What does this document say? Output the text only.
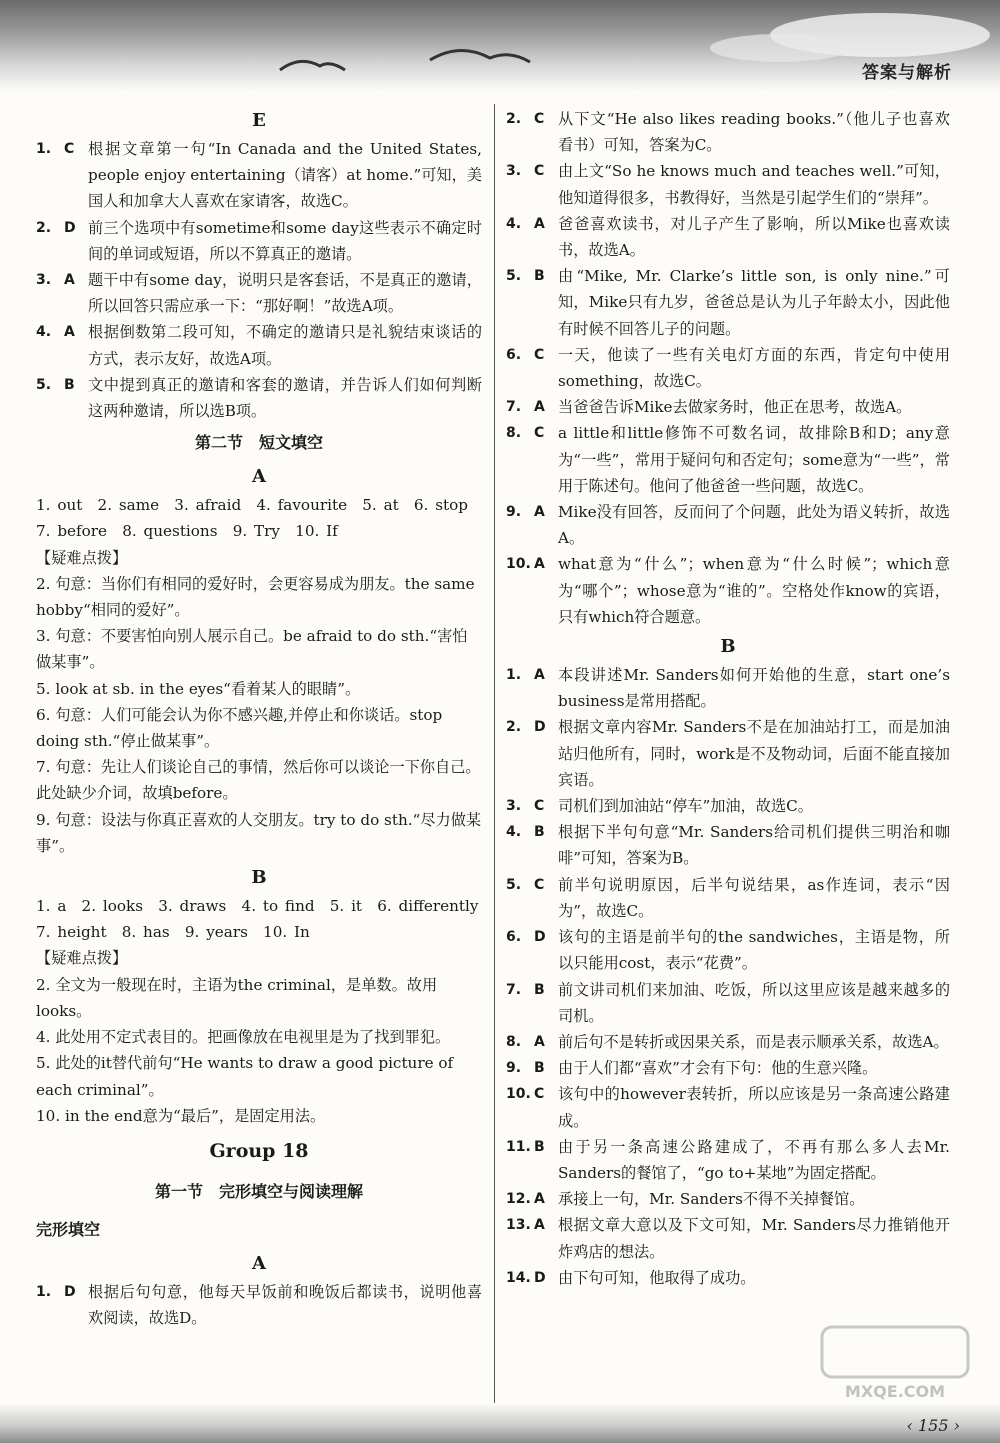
答案与解析
E
1. C 根据文章第一句“In Canada and the United States, people enjoy entertaining（请客）at home.”可知，美国人和加拿大人喜欢在家请客，故选C。
2. D 前三个选项中有sometime和some day这些表示不确定时间的单词或短语，所以不算真正的邀请。
3. A 题干中有some day，说明只是客套话，不是真正的邀请，所以回答只需应承一下：“那好啊！”故选A项。
4. A 根据倒数第二段可知，不确定的邀请只是礼貌结束谈话的方式，表示友好，故选A项。
5. B 文中提到真正的邀请和客套的邀请，并告诉人们如何判断这两种邀请，所以选B项。
第二节　短文填空
A

1. out　2. same　3. afraid　4. favourite　5. at　6. stop

7. before　8. questions　9. Try　10. If

【疑难点拨】

2. 句意：当你们有相同的爱好时，会更容易成为朋友。the same hobby“相同的爱好”。

3. 句意：不要害怕向别人展示自己。be afraid to do sth.“害怕做某事”。

5. look at sb. in the eyes“看着某人的眼睛”。

6. 句意：人们可能会认为你不感兴趣,并停止和你谈话。stop doing sth.“停止做某事”。

7. 句意：先让人们谈论自己的事情，然后你可以谈论一下你自己。此处缺少介词，故填before。

9. 句意：设法与你真正喜欢的人交朋友。try to do sth.“尽力做某事”。

B

1. a　2. looks　3. draws　4. to find　5. it　6. differently

7. height　8. has　9. years　10. In

【疑难点拨】

2. 全文为一般现在时，主语为the criminal，是单数。故用looks。

4. 此处用不定式表目的。把画像放在电视里是为了找到罪犯。

5. 此处的it替代前句“He wants to draw a good picture of each criminal”。

10. in the end意为“最后”，是固定用法。

Group 18
第一节　完形填空与阅读理解
完形填空
A
1. D 根据后句句意，他每天早饭前和晚饭后都读书，说明他喜欢阅读，故选D。
2. C 从下文“He also likes reading books.”（他儿子也喜欢看书）可知，答案为C。
3. C 由上文“So he knows much and teaches well.”可知，他知道得很多，书教得好，当然是引起学生们的“崇拜”。
4. A 爸爸喜欢读书，对儿子产生了影响，所以Mike也喜欢读书，故选A。
5. B 由“Mike, Mr. Clarke’s little son, is only nine.”可知，Mike只有九岁，爸爸总是认为儿子年龄太小，因此他有时候不回答儿子的问题。
6. C 一天，他读了一些有关电灯方面的东西，肯定句中使用something，故选C。
7. A 当爸爸告诉Mike去做家务时，他正在思考，故选A。
8. C a little和little修饰不可数名词，故排除B和D；any意为“一些”，常用于疑问句和否定句；some意为“一些”，常用于陈述句。他问了他爸爸一些问题，故选C。
9. A Mike没有回答，反而问了个问题，此处为语义转折，故选A。
10. A what意为“什么”；when意为“什么时候”；which意为“哪个”；whose意为“谁的”。空格处作know的宾语，只有which符合题意。
B
1. A 本段讲述Mr. Sanders如何开始他的生意，start one’s business是常用搭配。
2. D 根据文章内容Mr. Sanders不是在加油站打工，而是加油站归他所有，同时，work是不及物动词，后面不能直接加宾语。
3. C 司机们到加油站“停车”加油，故选C。
4. B 根据下半句句意“Mr. Sanders给司机们提供三明治和咖啡”可知，答案为B。
5. C 前半句说明原因，后半句说结果，as作连词，表示“因为”，故选C。
6. D 该句的主语是前半句的the sandwiches，主语是物，所以只能用cost，表示“花费”。
7. B 前文讲司机们来加油、吃饭，所以这里应该是越来越多的司机。
8. A 前后句不是转折或因果关系，而是表示顺承关系，故选A。
9. B 由于人们都“喜欢”才会有下句：他的生意兴隆。
10. C 该句中的however表转折，所以应该是另一条高速公路建成。
11. B 由于另一条高速公路建成了，不再有那么多人去Mr. Sanders的餐馆了，“go to+某地”为固定搭配。
12. A 承接上一句，Mr. Sanders不得不关掉餐馆。
13. A 根据文章大意以及下文可知，Mr. Sanders尽力推销他开炸鸡店的想法。
14. D 由下句可知，他取得了成功。
MXQE.COM
‹ 155 ›
